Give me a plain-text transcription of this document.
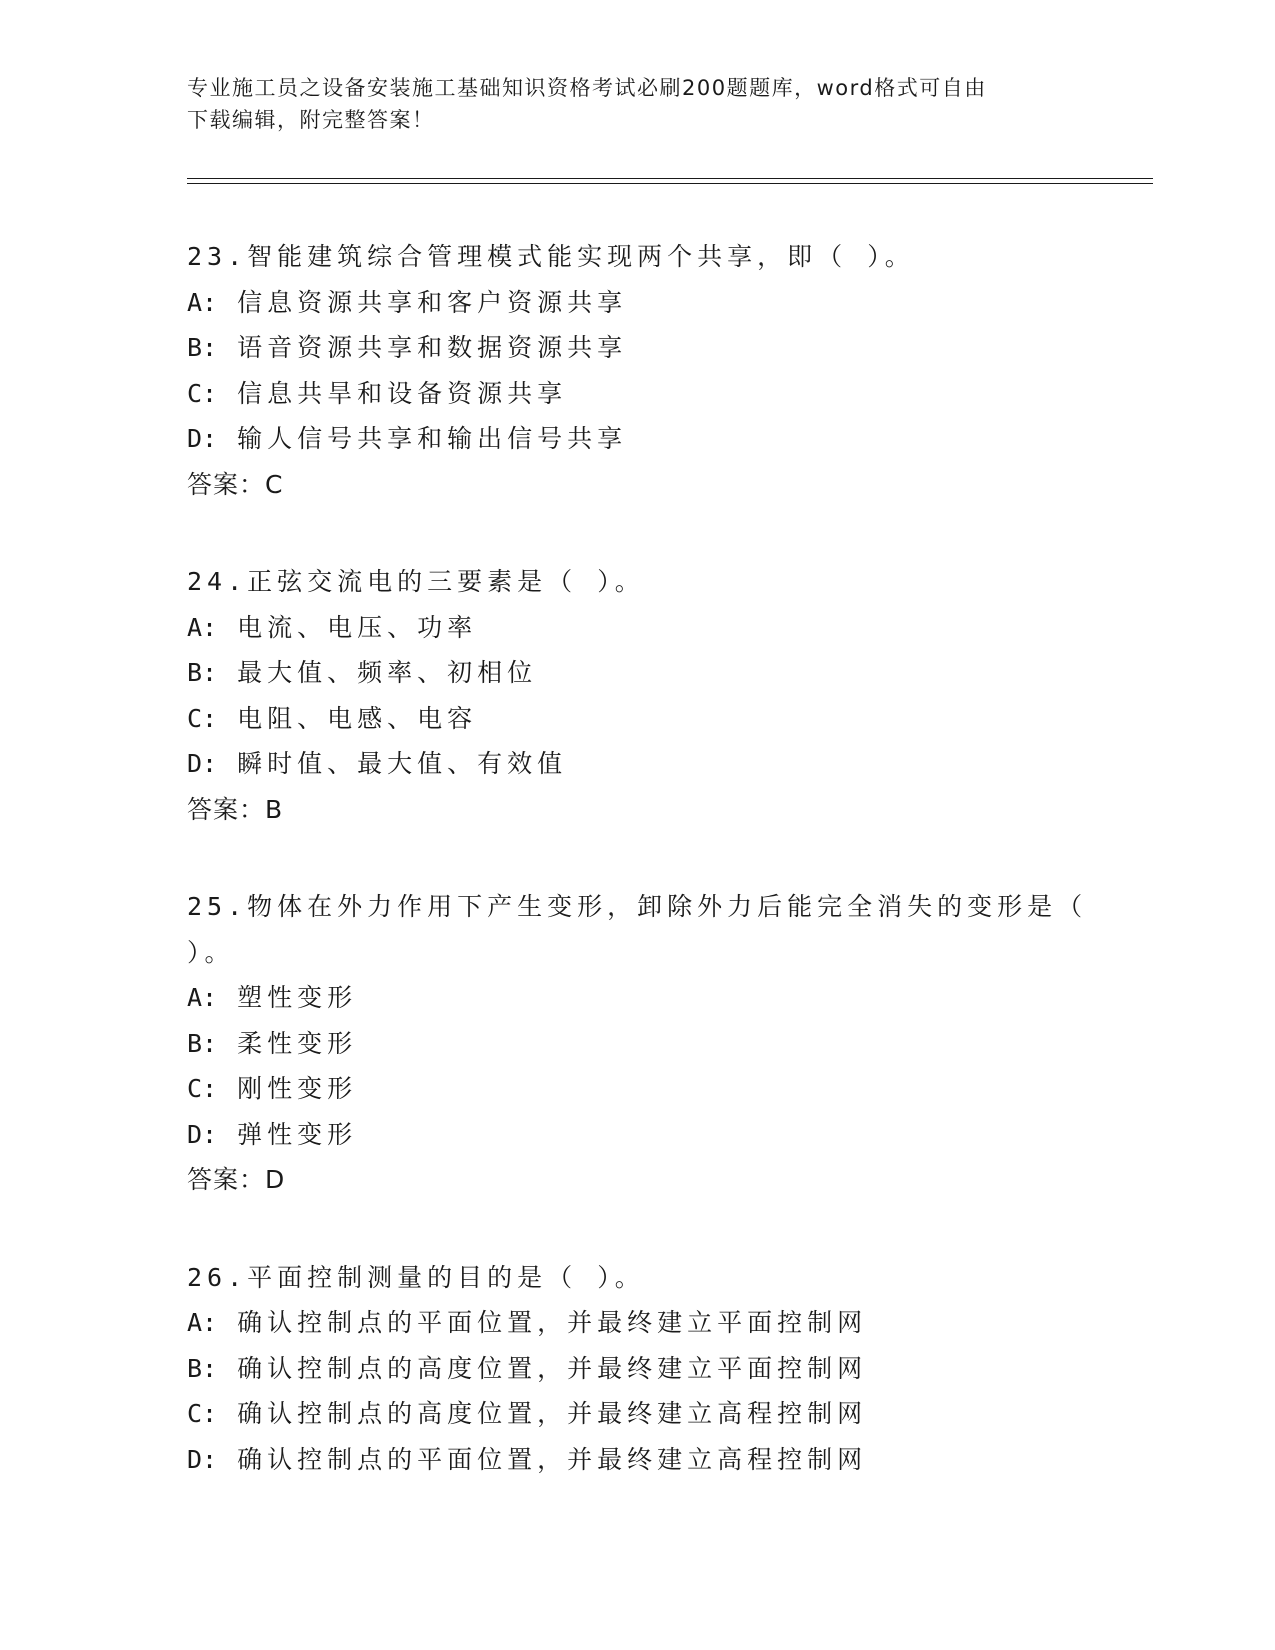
专业施工员之设备安装施工基础知识资格考试必刷200题题库，word格式可自由
下载编辑，附完整答案！
23.智能建筑综合管理模式能实现两个共享，即（ ）。
A: 信息资源共享和客户资源共享
B: 语音资源共享和数据资源共享
C: 信息共旱和设备资源共享
D: 输人信号共享和输出信号共享
答案：C
24.正弦交流电的三要素是（ ）。
A: 电流、电压、功率
B: 最大值、频率、初相位
C: 电阻、电感、电容
D: 瞬时值、最大值、有效值
答案：B
25.物体在外力作用下产生变形，卸除外力后能完全消失的变形是（
）。
A: 塑性变形
B: 柔性变形
C: 刚性变形
D: 弹性变形
答案：D
26.平面控制测量的目的是（ ）。
A: 确认控制点的平面位置，并最终建立平面控制网
B: 确认控制点的高度位置，并最终建立平面控制网
C: 确认控制点的高度位置，并最终建立高程控制网
D: 确认控制点的平面位置，并最终建立高程控制网
